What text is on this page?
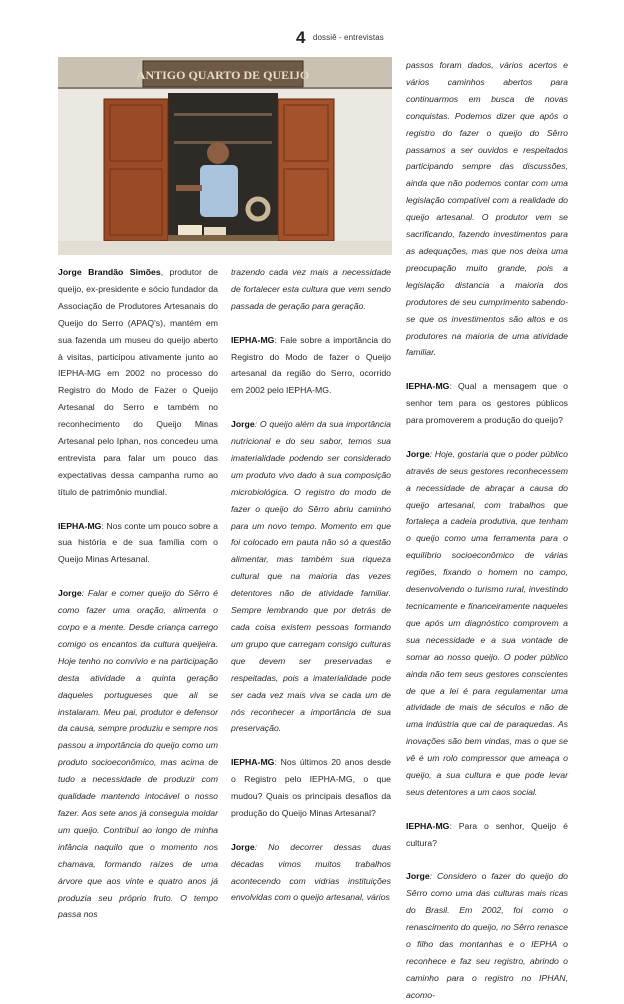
4 dossiê - entrevistas
ANTIGO QUARTO DE QUEIJO

Jorge Brandão Simões, produtor de queijo, ex-presidente e sócio fundador da Associação de Produtores Artesanais do Queijo do Serro (APAQ's), mantém em sua fazenda um museu do queijo aberto à visitas, participou ativamente junto ao IEPHA-MG em 2002 no processo do Registro do Modo de Fazer o Queijo Artesanal do Serro e também no reconhecimento do Queijo Minas Artesanal pelo Iphan, nos concedeu uma entrevista para falar um pouco das expectativas dessa campanha rumo ao título de patrimônio mundial.

IEPHA-MG: Nos conte um pouco sobre a sua história e de sua família com o Queijo Minas Artesanal.

Jorge: Falar e comer queijo do Sêrro é como fazer uma oração, alimenta o corpo e a mente. Desde criança carrego comigo os encantos da cultura queijeira. Hoje tenho no convívio e na participação desta atividade a quinta geração daqueles portugueses que ali se instalaram. Meu pai, produtor e defensor da causa, sempre produziu e sempre nos passou a importância do queijo como um produto socioeconômico, mas acima de tudo a necessidade de produzir com qualidade mantendo intocável o nosso fazer. Aos sete anos já conseguia moldar um queijo. Contribuí ao longo de minha infância naquilo que o momento nos chamava, formando raízes de uma árvore que aos vinte e quatro anos já produzia seu próprio fruto. O tempo passa nos

trazendo cada vez mais a necessidade de fortalecer esta cultura que vem sendo passada de geração para geração.

IEPHA-MG: Fale sobre a importância do Registro do Modo de fazer o Queijo artesanal da região do Serro, ocorrido em 2002 pelo IEPHA-MG.

Jorge: O queijo além da sua importância nutricional e do seu sabor, temos sua imaterialidade podendo ser considerado um produto vivo dado à sua composição microbiológica. O registro do modo de fazer o queijo do Sêrro abriu caminho para um novo tempo. Momento em que foi colocado em pauta não só a questão alimentar, mas também sua riqueza cultural que na maioria das vezes detentores não de atividade familiar. Sempre lembrando que por detrás de cada coisa existem pessoas formando um grupo que carregam consigo culturas que devem ser preservadas e respeitadas, pois a imaterialidade pode ser cada vez mais viva se cada um de nós reconhecer a importância de sua preservação.

IEPHA-MG: Nos últimos 20 anos desde o Registro pelo IEPHA-MG, o que mudou? Quais os principais desafios da produção do Queijo Minas Artesanal?

Jorge: No decorrer dessas duas décadas vimos muitos trabalhos acontecendo com vidrias instituições envolvidas com o queijo artesanal, vários

passos foram dados, vários acertos e vários caminhos abertos para continuarmos em busca de novas conquistas. Podemos dizer que após o registro do fazer o queijo do Sêrro passamos a ser ouvidos e respeitados participando sempre das discussões, ainda que não podemos contar com uma legislação compatível com a realidade do queijo artesanal. O produtor vem se sacrificando, fazendo investimentos para as adequações, mas que nos deixa uma preocupação muito grande, pois a legislação distancia a maioria dos produtores de seu cumprimento sabendo-se que os investimentos são altos e os produtores na maioria de uma atividade familiar.

IEPHA-MG: Qual a mensagem que o senhor tem para os gestores públicos para promoverem a produção do queijo?

Jorge: Hoje, gostaria que o poder público através de seus gestores reconhecessem a necessidade de abraçar a causa do queijo artesanal, com trabalhos que fortaleça a cadeia produtiva, que tenham o queijo como uma ferramenta para o equilíbrio socioeconômico de várias regiões, fixando o homem no campo, desenvolvendo o turismo rural, investindo tecnicamente e financeiramente naqueles que após um diagnóstico comprovem a sua necessidade e a sua vontade de somar ao nosso queijo. O poder público ainda não tem seus gestores conscientes de que a lei é para regulamentar uma atividade de mais de séculos e não de uma indústria que cai de paraquedas. As inovações são bem vindas, mas o que se vê é um rolo compressor que ameaça o queijo, a sua cultura e que pode levar seus detentores a um caos social.

IEPHA-MG: Para o senhor, Queijo é cultura?

Jorge: Considero o fazer do queijo do Sêrro como uma das culturas mais ricas do Brasil. Em 2002, foi como o renascimento do queijo, no Sêrro renasce o filho das montanhas e o IEPHA o reconhece e faz seu registro, abrindo o caminho para o registro no IPHAN, acomo-
